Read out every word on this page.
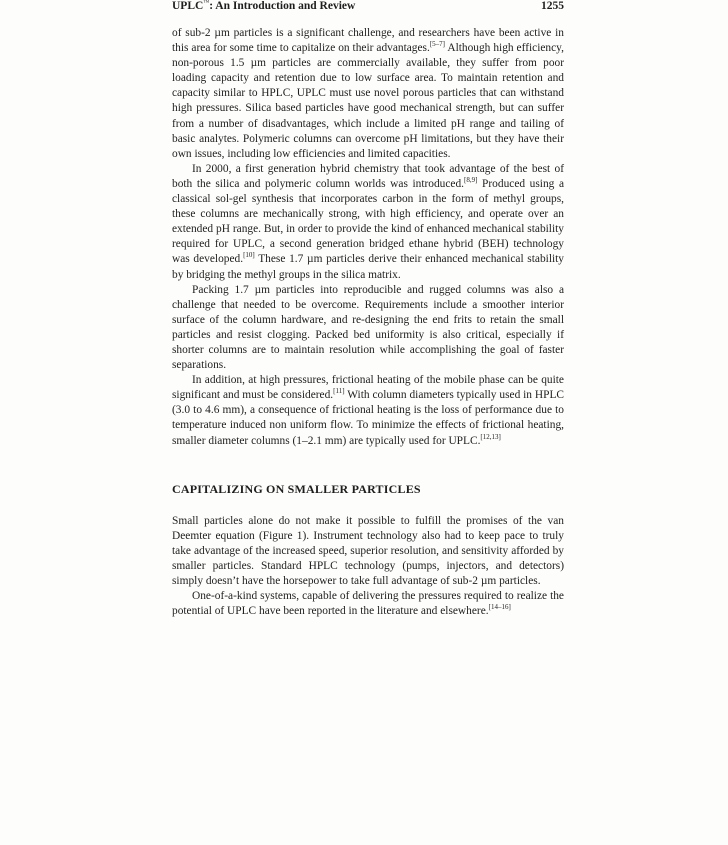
UPLC™: An Introduction and Review	1255

of sub-2 µm particles is a significant challenge, and researchers have been active in this area for some time to capitalize on their advantages.[5–7] Although high efficiency, non-porous 1.5 µm particles are commercially available, they suffer from poor loading capacity and retention due to low surface area. To maintain retention and capacity similar to HPLC, UPLC must use novel porous particles that can withstand high pressures. Silica based particles have good mechanical strength, but can suffer from a number of disadvantages, which include a limited pH range and tailing of basic analytes. Polymeric columns can overcome pH limitations, but they have their own issues, including low efficiencies and limited capacities.

In 2000, a first generation hybrid chemistry that took advantage of the best of both the silica and polymeric column worlds was introduced.[8,9] Produced using a classical sol-gel synthesis that incorporates carbon in the form of methyl groups, these columns are mechanically strong, with high efficiency, and operate over an extended pH range. But, in order to provide the kind of enhanced mechanical stability required for UPLC, a second generation bridged ethane hybrid (BEH) technology was developed.[10] These 1.7 µm particles derive their enhanced mechanical stability by bridging the methyl groups in the silica matrix.

Packing 1.7 µm particles into reproducible and rugged columns was also a challenge that needed to be overcome. Requirements include a smoother interior surface of the column hardware, and re-designing the end frits to retain the small particles and resist clogging. Packed bed uniformity is also critical, especially if shorter columns are to maintain resolution while accomplishing the goal of faster separations.

In addition, at high pressures, frictional heating of the mobile phase can be quite significant and must be considered.[11] With column diameters typically used in HPLC (3.0 to 4.6 mm), a consequence of frictional heating is the loss of performance due to temperature induced non uniform flow. To minimize the effects of frictional heating, smaller diameter columns (1–2.1 mm) are typically used for UPLC.[12,13]

CAPITALIZING ON SMALLER PARTICLES

Small particles alone do not make it possible to fulfill the promises of the van Deemter equation (Figure 1). Instrument technology also had to keep pace to truly take advantage of the increased speed, superior resolution, and sensitivity afforded by smaller particles. Standard HPLC technology (pumps, injectors, and detectors) simply doesn’t have the horsepower to take full advantage of sub-2 µm particles.

One-of-a-kind systems, capable of delivering the pressures required to realize the potential of UPLC have been reported in the literature and elsewhere.[14–16]
